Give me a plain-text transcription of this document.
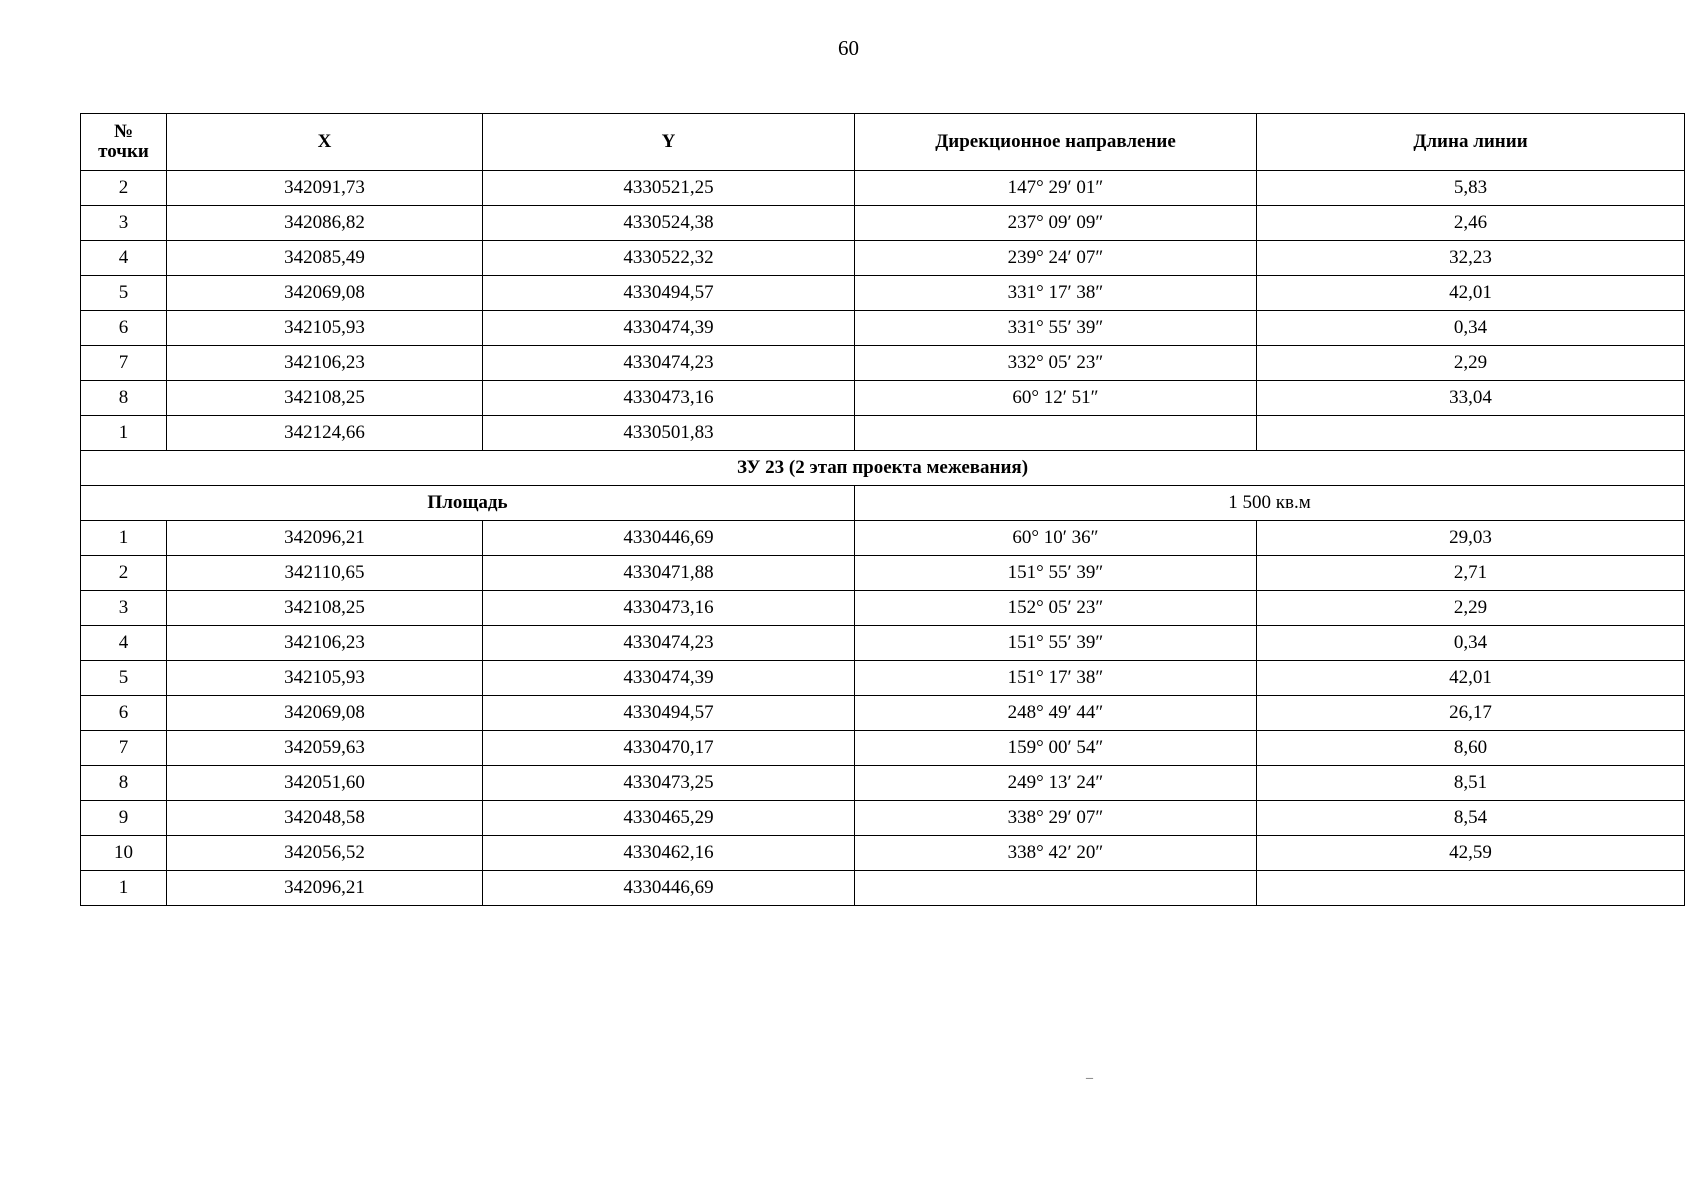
60
№
точки	X	Y	Дирекционное направление	Длина линии
2	342091,73	4330521,25	147° 29′ 01″	5,83
3	342086,82	4330524,38	237° 09′ 09″	2,46
4	342085,49	4330522,32	239° 24′ 07″	32,23
5	342069,08	4330494,57	331° 17′ 38″	42,01
6	342105,93	4330474,39	331° 55′ 39″	0,34
7	342106,23	4330474,23	332° 05′ 23″	2,29
8	342108,25	4330473,16	60° 12′ 51″	33,04
1	342124,66	4330501,83		
ЗУ 23 (2 этап проекта межевания)				
Площадь			1 500 кв.м	
1	342096,21	4330446,69	60° 10′ 36″	29,03
2	342110,65	4330471,88	151° 55′ 39″	2,71
3	342108,25	4330473,16	152° 05′ 23″	2,29
4	342106,23	4330474,23	151° 55′ 39″	0,34
5	342105,93	4330474,39	151° 17′ 38″	42,01
6	342069,08	4330494,57	248° 49′ 44″	26,17
7	342059,63	4330470,17	159° 00′ 54″	8,60
8	342051,60	4330473,25	249° 13′ 24″	8,51
9	342048,58	4330465,29	338° 29′ 07″	8,54
10	342056,52	4330462,16	338° 42′ 20″	42,59
1	342096,21	4330446,69		
_
